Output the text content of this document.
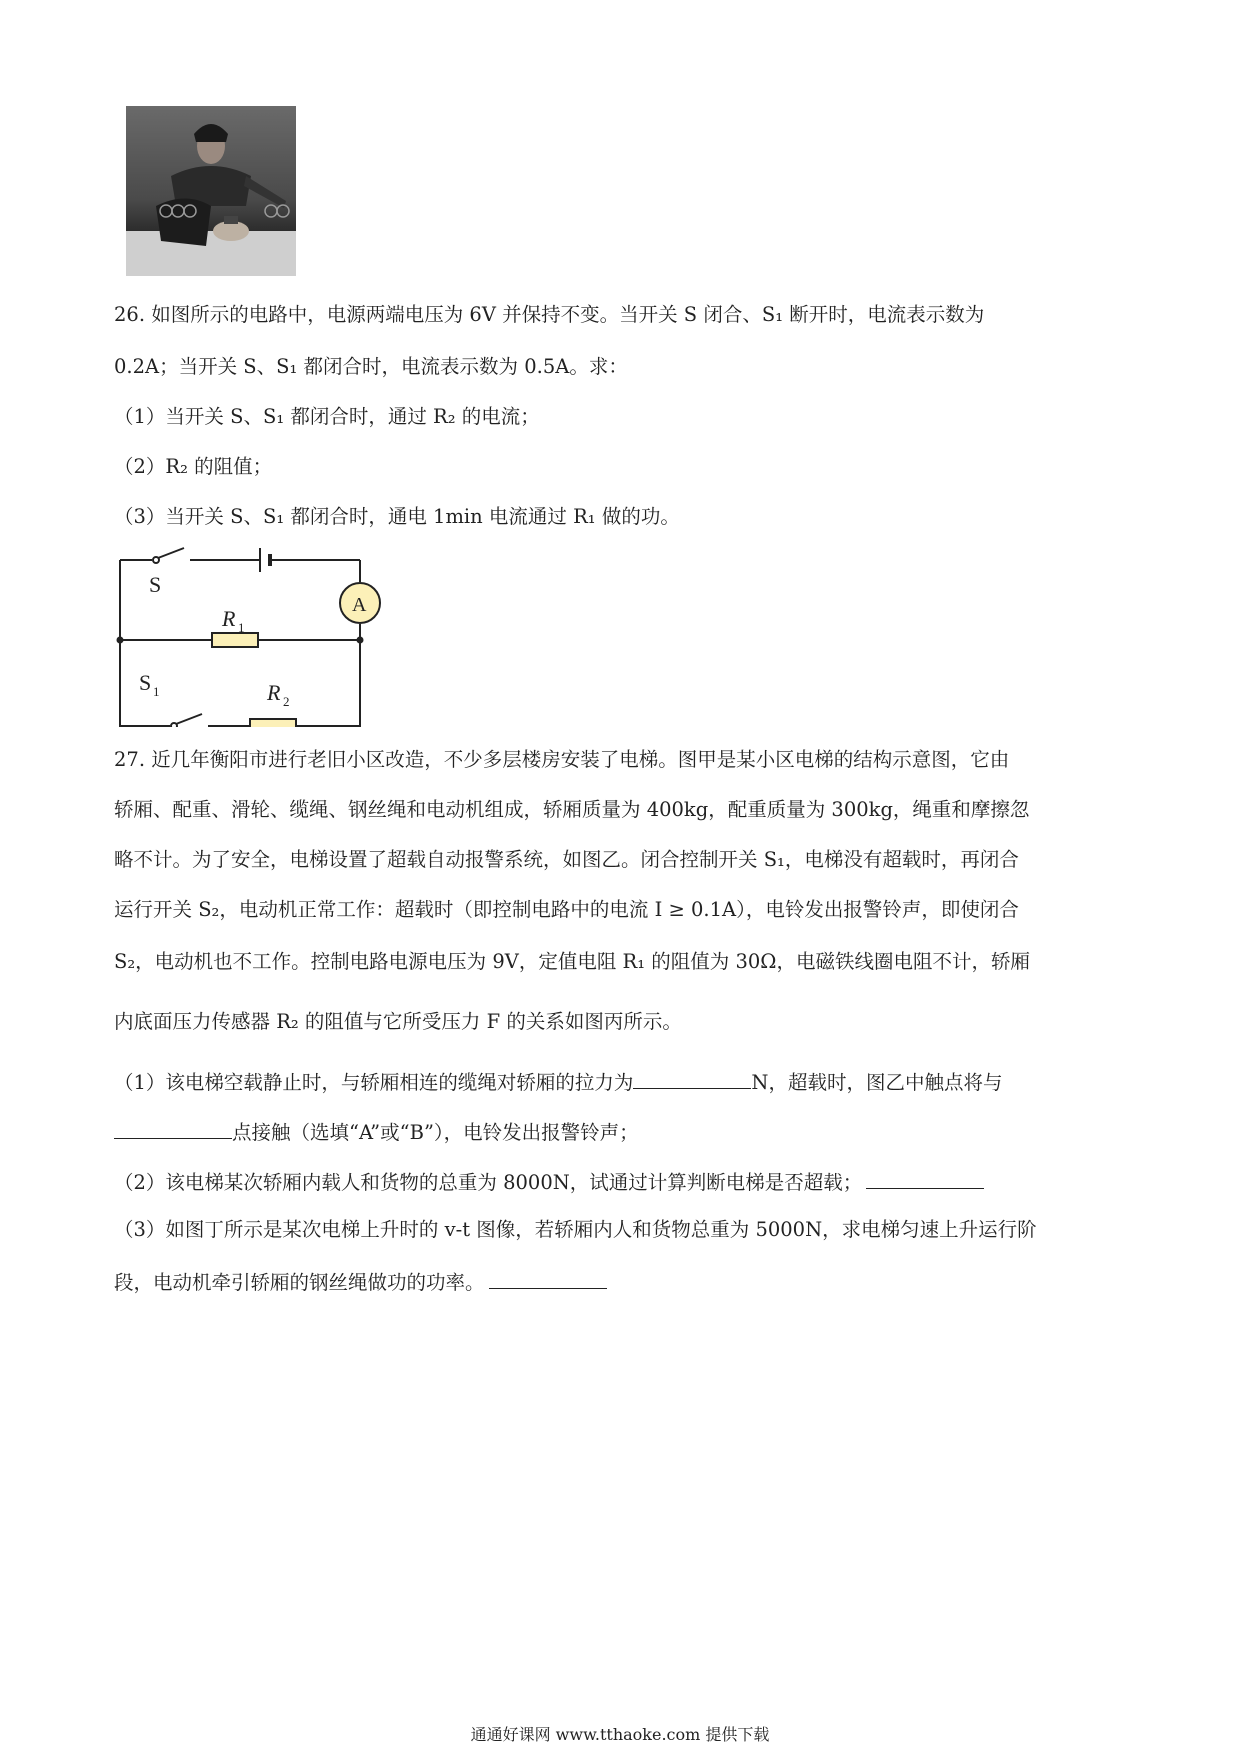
26. 如图所示的电路中，电源两端电压为 6V 并保持不变。当开关 S 闭合、S₁ 断开时，电流表示数为
0.2A；当开关 S、S₁ 都闭合时，电流表示数为 0.5A。求：
（1）当开关 S、S₁ 都闭合时，通过 R₂ 的电流；
（2）R₂ 的阻值；
（3）当开关 S、S₁ 都闭合时，通电 1min 电流通过 R₁ 做的功。
A
S
R 1
S 1	R 2
27. 近几年衡阳市进行老旧小区改造，不少多层楼房安装了电梯。图甲是某小区电梯的结构示意图，它由
轿厢、配重、滑轮、缆绳、钢丝绳和电动机组成，轿厢质量为 400kg，配重质量为 300kg，绳重和摩擦忽
略不计。为了安全，电梯设置了超载自动报警系统，如图乙。闭合控制开关 S₁，电梯没有超载时，再闭合
运行开关 S₂，电动机正常工作：超载时（即控制电路中的电流 I ≥ 0.1A），电铃发出报警铃声，即使闭合
S₂，电动机也不工作。控制电路电源电压为 9V，定值电阻 R₁ 的阻值为 30Ω，电磁铁线圈电阻不计，轿厢
内底面压力传感器 R₂ 的阻值与它所受压力 F 的关系如图丙所示。
（1）该电梯空载静止时，与轿厢相连的缆绳对轿厢的拉力为	N，超载时，图乙中触点将与
点接触（选填“A”或“B”），电铃发出报警铃声；
（2）该电梯某次轿厢内载人和货物的总重为 8000N，试通过计算判断电梯是否超载；
（3）如图丁所示是某次电梯上升时的 v-t 图像，若轿厢内人和货物总重为 5000N，求电梯匀速上升运行阶
段，电动机牵引轿厢的钢丝绳做功的功率。
通通好课网 www.tthaoke.com 提供下载
